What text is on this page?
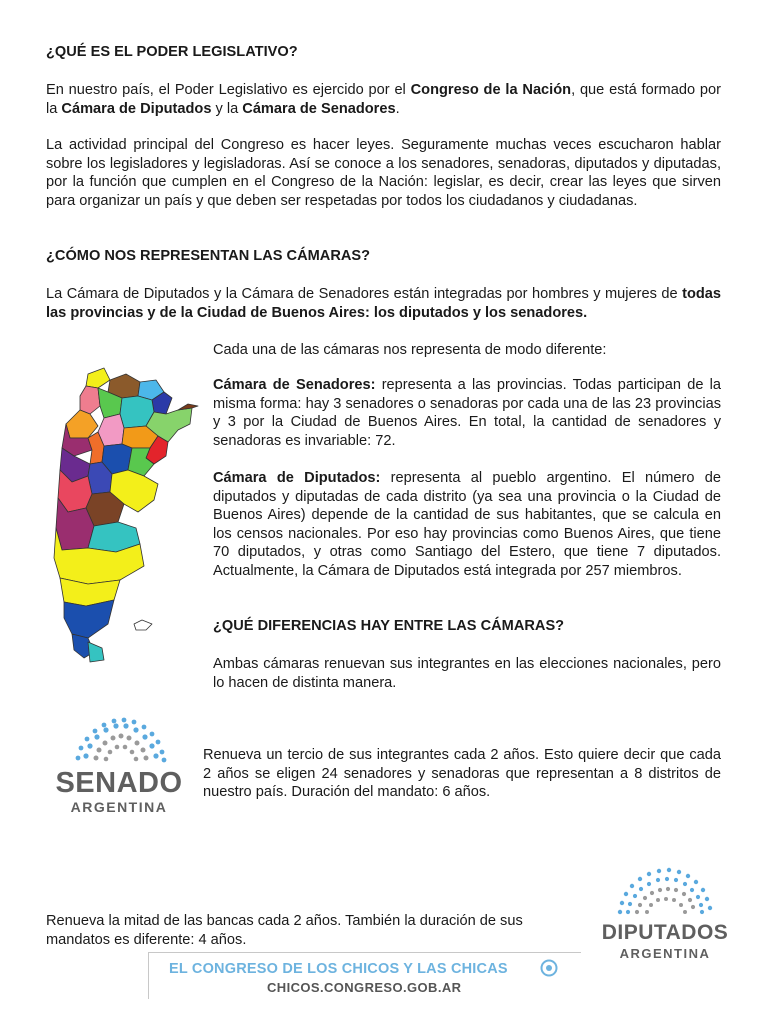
¿QUÉ ES EL PODER LEGISLATIVO?

En nuestro país, el Poder Legislativo es ejercido por el Congreso de la Nación, que está formado por la Cámara de Diputados y la Cámara de Senadores.

La actividad principal del Congreso es hacer leyes. Seguramente muchas veces escucharon hablar sobre los legisladores y legisladoras. Así se conoce a los senadores, senadoras, diputados y diputadas, por la función que cumplen en el Congreso de la Nación: legislar, es decir, crear las leyes que sirven para organizar un país y que deben ser respetadas por todos los ciudadanos y ciudadanas.

¿CÓMO NOS REPRESENTAN LAS CÁMARAS?

La Cámara de Diputados y la Cámara de Senadores están integradas por hombres y mujeres de todas las provincias y de la Ciudad de Buenos Aires: los diputados y los senadores.

Cada una de las cámaras nos representa de modo diferente:

Cámara de Senadores: representa a las provincias. Todas participan de la misma forma: hay 3 senadores o senadoras por cada una de las 23 provincias y 3 por la Ciudad de Buenos Aires. En total, la cantidad de senadores y senadoras es invariable: 72.

Cámara de Diputados: representa al pueblo argentino. El número de diputados y diputadas de cada distrito (ya sea una provincia o la Ciudad de Buenos Aires) depende de la cantidad de sus habitantes, que se calcula en los censos nacionales. Por eso hay provincias como Buenos Aires, que tiene 70 diputados, y otras como Santiago del Estero, que tiene 7 diputados. Actualmente, la Cámara de Diputados está integrada por 257 miembros.

¿QUÉ DIFERENCIAS HAY ENTRE LAS CÁMARAS?

Ambas cámaras renuevan sus integrantes en las elecciones nacionales, pero lo hacen de distinta manera.

SENADO
ARGENTINA

Renueva un tercio de sus integrantes cada 2 años. Esto quiere decir que cada 2 años se eligen 24 senadores y senadoras que representan a 8 distritos de nuestro país. Duración del mandato: 6 años.

DIPUTADOS
ARGENTINA

Renueva la mitad de las bancas cada 2 años. También la duración de sus mandatos es diferente: 4 años.

EL CONGRESO DE LOS CHICOS Y LAS CHICAS
CHICOS.CONGRESO.GOB.AR
